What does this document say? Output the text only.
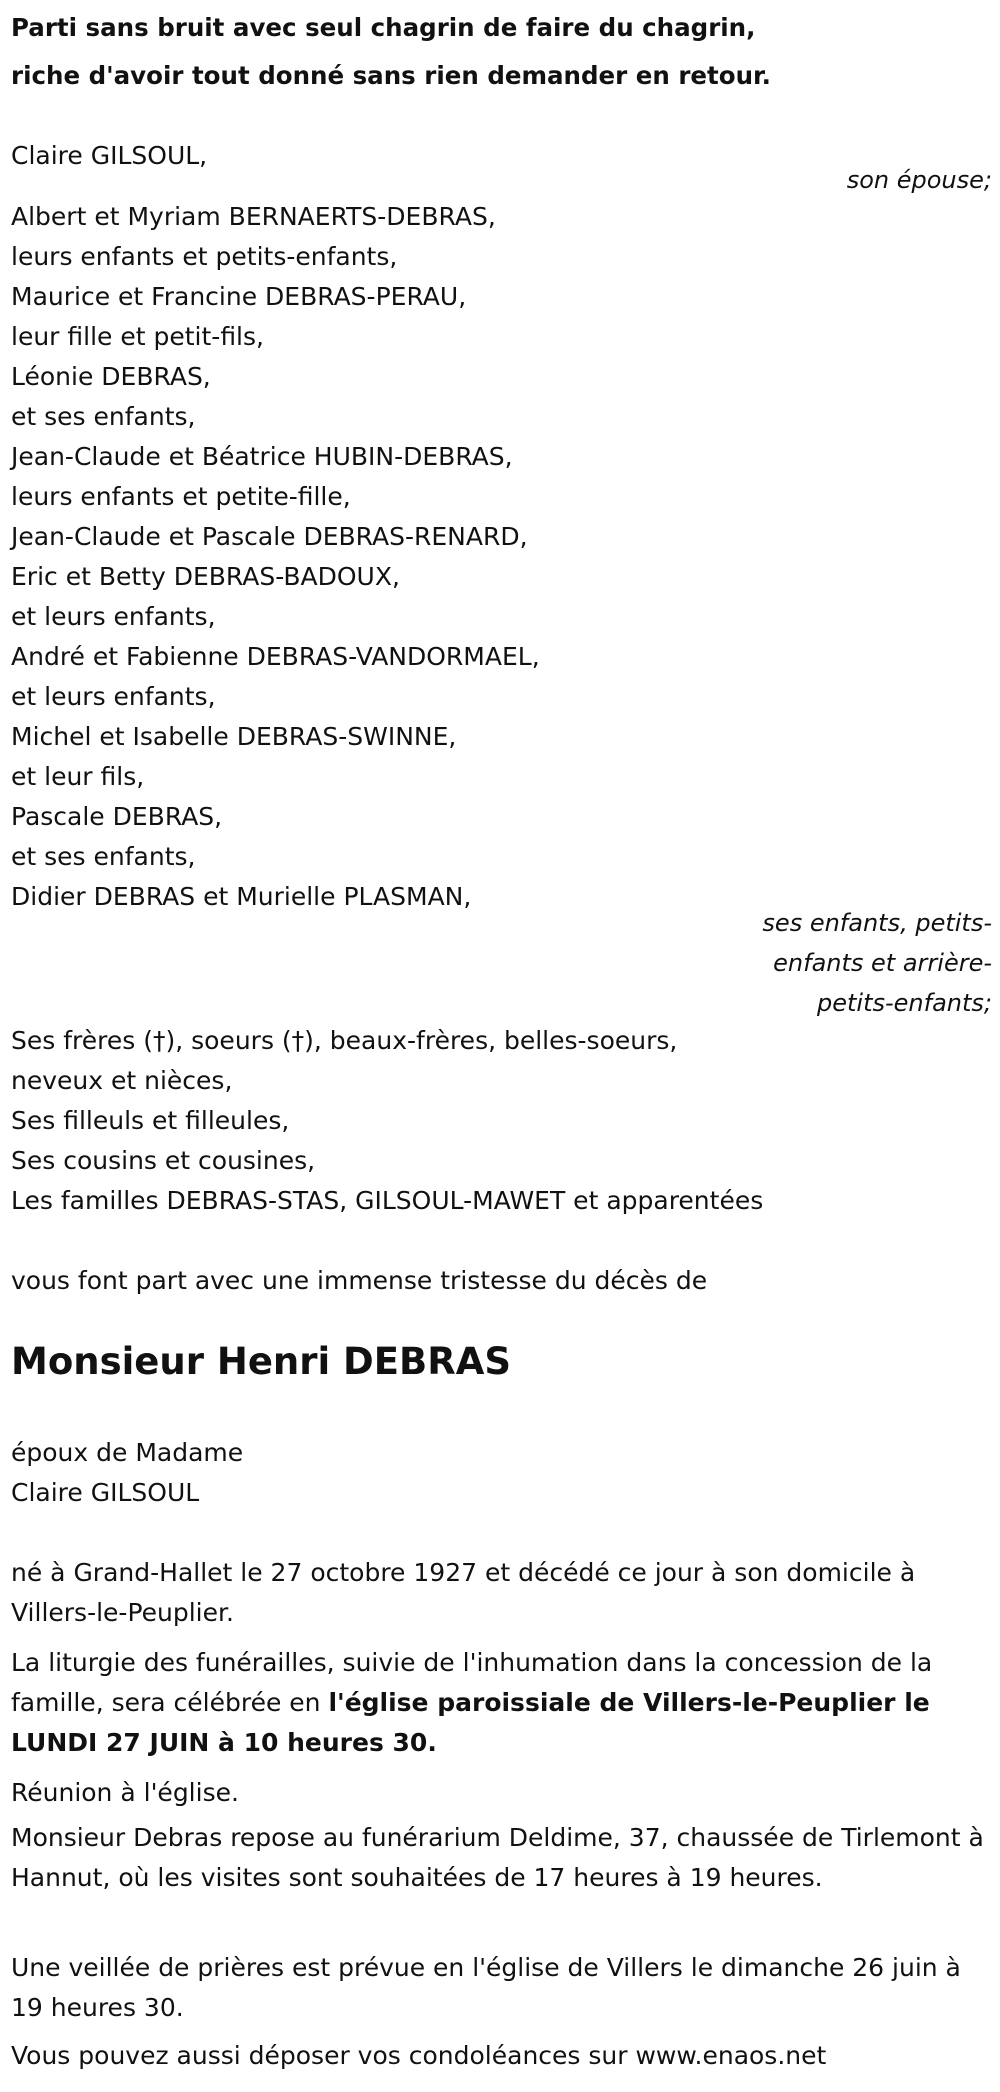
Parti sans bruit avec seul chagrin de faire du chagrin,
riche d'avoir tout donné sans rien demander en retour.
Claire GILSOUL,
son épouse;
Albert et Myriam BERNAERTS-DEBRAS,
leurs enfants et petits-enfants,
Maurice et Francine DEBRAS-PERAU,
leur fille et petit-fils,
Léonie DEBRAS,
et ses enfants,
Jean-Claude et Béatrice HUBIN-DEBRAS,
leurs enfants et petite-fille,
Jean-Claude et Pascale DEBRAS-RENARD,
Eric et Betty DEBRAS-BADOUX,
et leurs enfants,
André et Fabienne DEBRAS-VANDORMAEL,
et leurs enfants,
Michel et Isabelle DEBRAS-SWINNE,
et leur fils,
Pascale DEBRAS,
et ses enfants,
Didier DEBRAS et Murielle PLASMAN,
ses enfants, petits-
enfants et arrière-
petits-enfants;
Ses frères (†), soeurs (†), beaux-frères, belles-soeurs,
neveux et nièces,
Ses filleuls et filleules,
Ses cousins et cousines,
Les familles DEBRAS-STAS, GILSOUL-MAWET et apparentées
vous font part avec une immense tristesse du décès de
Monsieur Henri DEBRAS
époux de Madame
Claire GILSOUL
né à Grand-Hallet le 27 octobre 1927 et décédé ce jour à son domicile à Villers-le-Peuplier.
La liturgie des funérailles, suivie de l'inhumation dans la concession de la famille, sera célébrée en l'église paroissiale de Villers-le-Peuplier le LUNDI 27 JUIN à 10 heures 30.
Réunion à l'église.
Monsieur Debras repose au funérarium Deldime, 37, chaussée de Tirlemont à Hannut, où les visites sont souhaitées de 17 heures à 19 heures.
Une veillée de prières est prévue en l'église de Villers le dimanche 26 juin à 19 heures 30.
Vous pouvez aussi déposer vos condoléances sur www.enaos.net
